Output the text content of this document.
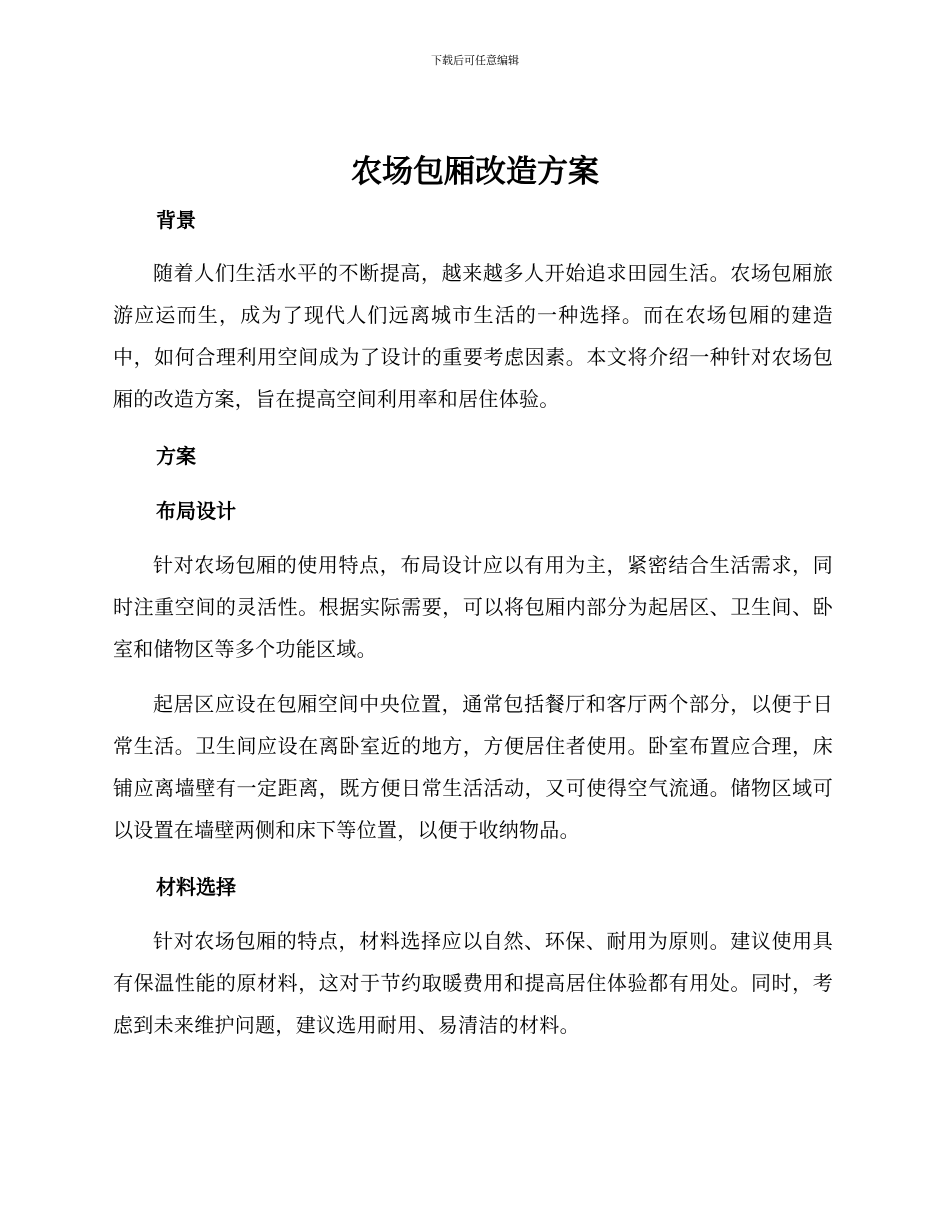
下载后可任意编辑
农场包厢改造方案
背景

随着人们生活水平的不断提高，越来越多人开始追求田园生活。农场包厢旅游应运而生，成为了现代人们远离城市生活的一种选择。而在农场包厢的建造中，如何合理利用空间成为了设计的重要考虑因素。本文将介绍一种针对农场包厢的改造方案，旨在提高空间利用率和居住体验。

方案
布局设计

针对农场包厢的使用特点，布局设计应以有用为主，紧密结合生活需求，同时注重空间的灵活性。根据实际需要，可以将包厢内部分为起居区、卫生间、卧室和储物区等多个功能区域。

起居区应设在包厢空间中央位置，通常包括餐厅和客厅两个部分，以便于日常生活。卫生间应设在离卧室近的地方，方便居住者使用。卧室布置应合理，床铺应离墙壁有一定距离，既方便日常生活活动，又可使得空气流通。储物区域可以设置在墙壁两侧和床下等位置，以便于收纳物品。

材料选择

针对农场包厢的特点，材料选择应以自然、环保、耐用为原则。建议使用具有保温性能的原材料，这对于节约取暖费用和提高居住体验都有用处。同时，考虑到未来维护问题，建议选用耐用、易清洁的材料。
